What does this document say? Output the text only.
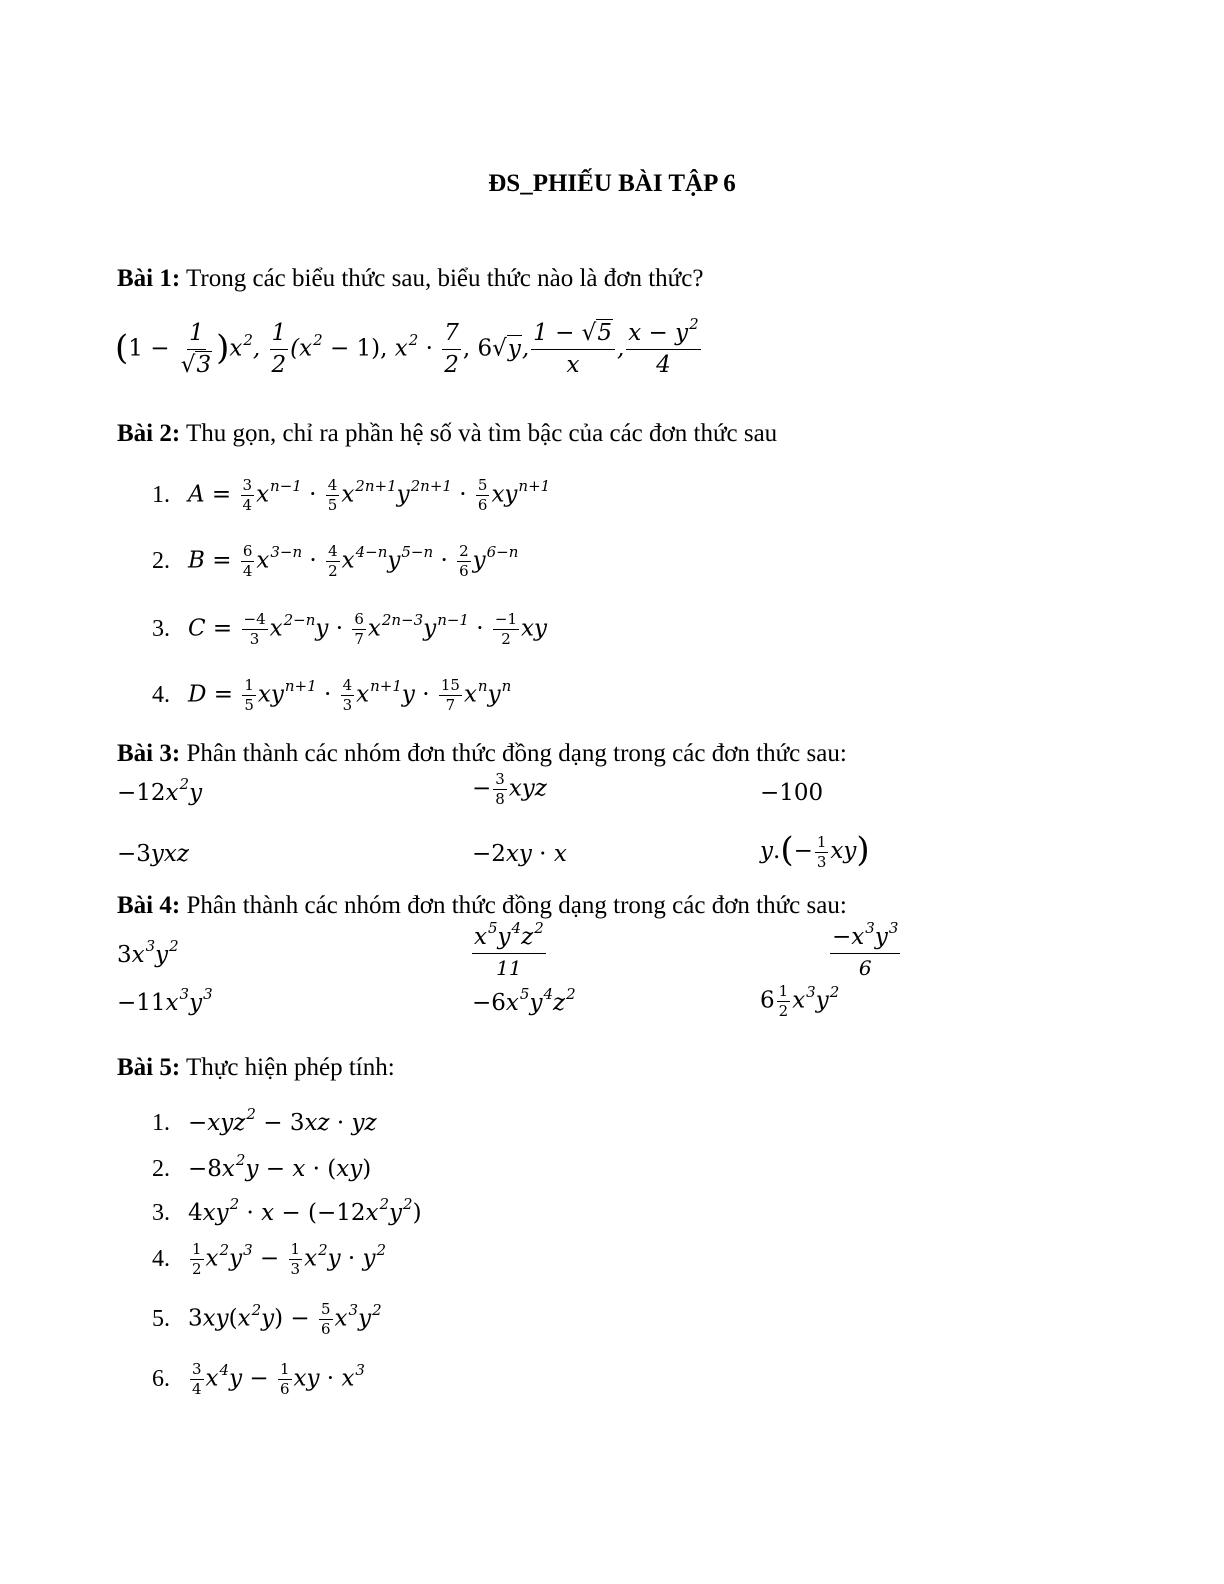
ĐS_PHIẾU BÀI TẬP 6
Bài 1: Trong các biểu thức sau, biểu thức nào là đơn thức?
$(1 - \frac{1}{√3} )x^2$, $\frac{1}{2} (x^2 - 1)$, $x^2 \cdot \frac{7}{2}$ , 6√y, $\frac{1 - √5}{x}$ , $\frac{x - y^2}{4}$
Bài 2: Thu gọn, chỉ ra phần hệ số và tìm bậc của các đơn thức sau
1. $A = \frac{3}{4} x^{n-1} \cdot \frac{4}{5} x^{2n+1}y^{2n+1} \cdot \frac{5}{6} xy^{n+1}$
2. $B = \frac{6}{4} x^{3-n} \cdot \frac{4}{2} x^{4-n}y^{5-n} \cdot \frac{2}{6} y^{6-n}$
3. $C = \frac{-4}{3} x^{2-n}y \cdot \frac{6}{7} x^{2n-3}y^{n-1} \cdot \frac{-1}{2}$ xy
4. $D = \frac{1}{5} xy^{n+1} \cdot \frac{4}{3} x^{n+1}y \cdot \frac{15}{7} x^ny^n$
Bài 3: Phân thành các nhóm đơn thức đồng dạng trong các đơn thức sau:
$-12x^2y$	− $\frac{3}{8}$ xyz	−100
−3yxz	−2xy · x	$y.(- \frac{1}{3} xy)$
Bài 4: Phân thành các nhóm đơn thức đồng dạng trong các đơn thức sau:
$3x^3y^2$	$\frac{x^5y^4z^2}{11}$	$\frac{-x^3y^3}{6}$
$-11x^3y^3$	$-6x^5y^4z^2$	$6 \frac{1}{2} x^3y^2$
Bài 5: Thực hiện phép tính:
1. −xyz$^2$ − 3xz · yz
2. $-8x^2y - x \cdot (xy)$
3. $4xy^2 \cdot x - (-12x^2y^2)$
4. $\frac{1}{2} x^2y^3 - \frac{1}{3} x^2y \cdot y^2$
5. $3xy(x^2y) - \frac{5}{6} x^3y^2$
6. $\frac{3}{4} x^4y - \frac{1}{6}$ xy · $x^3$
